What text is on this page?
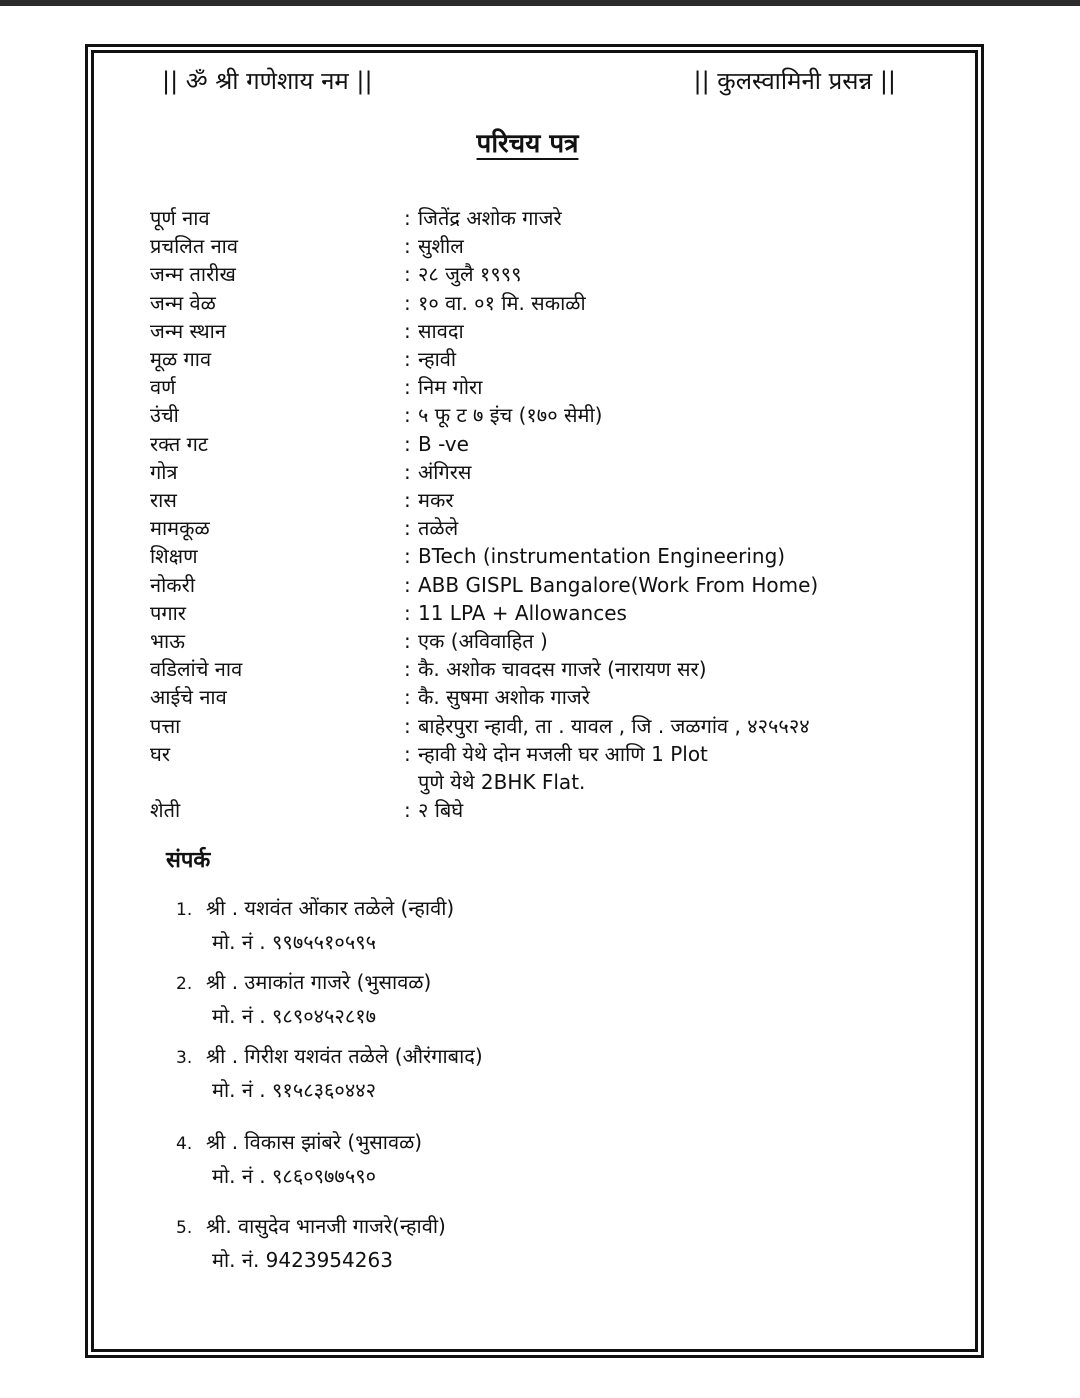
|| ॐ श्री गणेशाय नम ||	|| कुलस्वामिनी प्रसन्न ||
परिचय पत्र
पूर्ण नाव	: जितेंद्र अशोक गाजरे
प्रचलित नाव	: सुशील
जन्म तारीख	: २८ जुलै १९९९
जन्म वेळ	: १० वा. ०१ मि. सकाळी
जन्म स्थान	: सावदा
मूळ गाव	: न्हावी
वर्ण	: निम गोरा
उंची	: ५ फू ट ७ इंच (१७० सेमी)
रक्त गट	: B -ve
गोत्र	: अंगिरस
रास	: मकर
मामकूळ	: तळेले
शिक्षण	: BTech (instrumentation Engineering)
नोकरी	: ABB GISPL Bangalore(Work From Home)
पगार	: 11 LPA + Allowances
भाऊ	: एक (अविवाहित )
वडिलांचे नाव	: कै. अशोक चावदस गाजरे (नारायण सर)
आईचे नाव	: कै. सुषमा अशोक गाजरे
पत्ता	: बाहेरपुरा न्हावी, ता . यावल , जि . जळगांव , ४२५५२४
घर	: न्हावी येथे दोन मजली घर आणि 1 Plot
पुणे येथे 2BHK Flat.
शेती	: २ बिघे
संपर्क
1. श्री . यशवंत ओंकार तळेले (न्हावी)
मो. नं . ९९७५५१०५९५
2. श्री . उमाकांत गाजरे (भुसावळ)
मो. नं . ९८९०४५२८१७
3. श्री . गिरीश यशवंत तळेले (औरंगाबाद)
मो. नं . ९१५८३६०४४२
4. श्री . विकास झांबरे (भुसावळ)
मो. नं . ९८६०९७७५९०
5. श्री. वासुदेव भानजी गाजरे(न्हावी)
मो. नं. 9423954263
